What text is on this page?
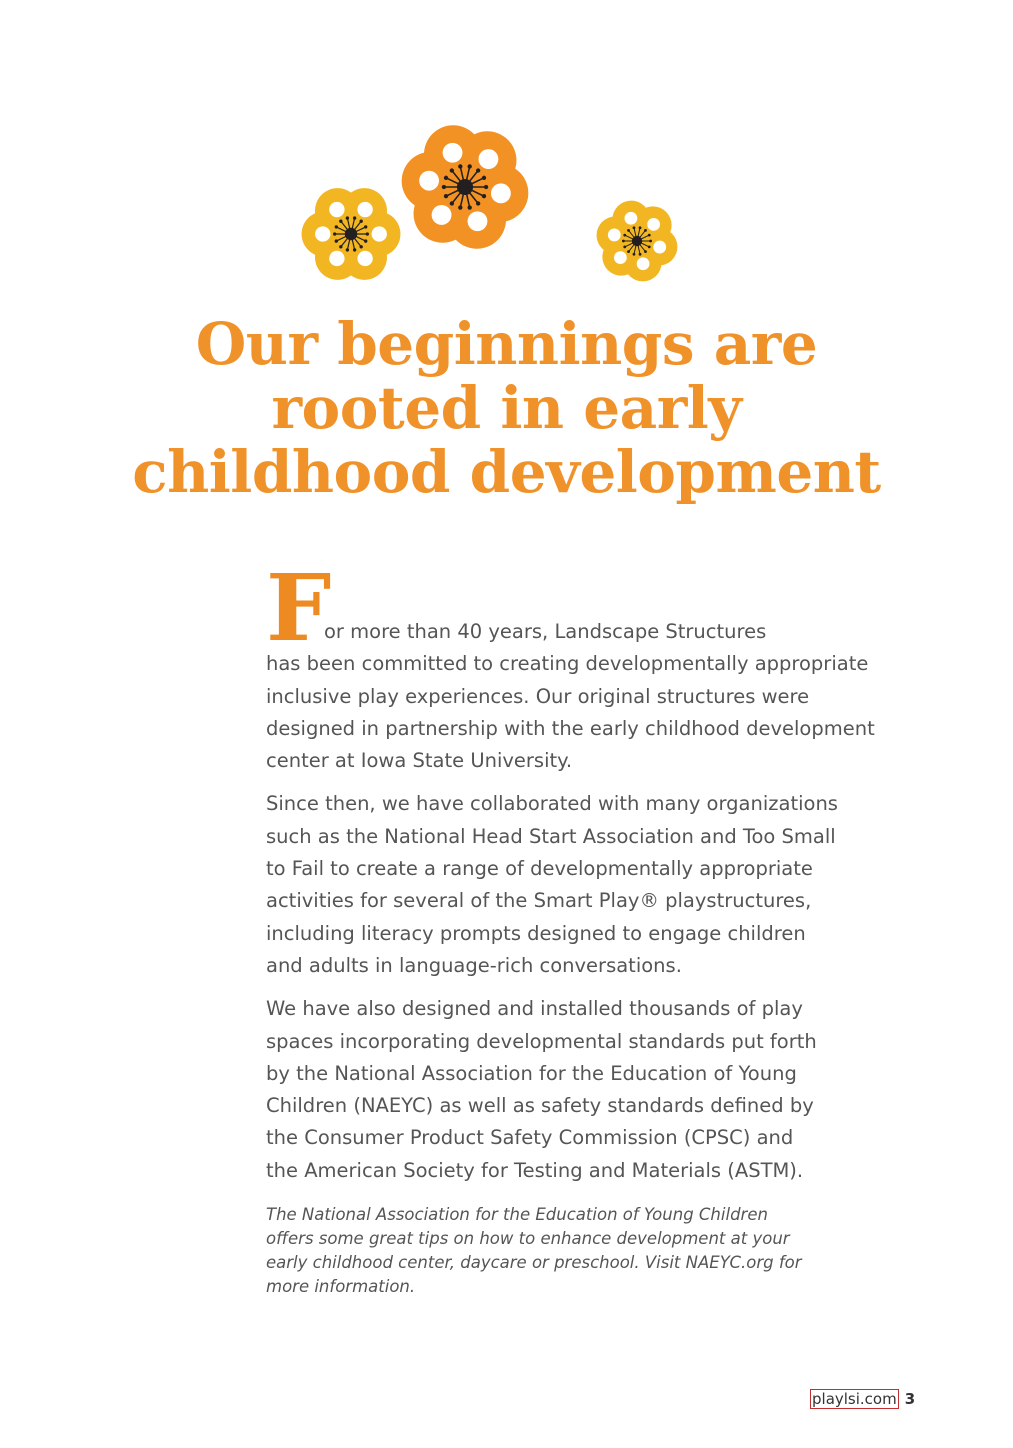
Our beginnings are
rooted in early
childhood development
F
or more than 40 years, Landscape Structures
has been committed to creating developmentally appropriate
inclusive play experiences. Our original structures were
designed in partnership with the early childhood development
center at Iowa State University.
Since then, we have collaborated with many organizations
such as the National Head Start Association and Too Small
to Fail to create a range of developmentally appropriate
activities for several of the Smart Play® playstructures,
including literacy prompts designed to engage children
and adults in language-rich conversations.
We have also designed and installed thousands of play
spaces incorporating developmental standards put forth
by the National Association for the Education of Young
Children (NAEYC) as well as safety standards defined by
the Consumer Product Safety Commission (CPSC) and
the American Society for Testing and Materials (ASTM).
The National Association for the Education of Young Children
offers some great tips on how to enhance development at your
early childhood center, daycare or preschool. Visit NAEYC.org for
more information.
playlsi.com 3
